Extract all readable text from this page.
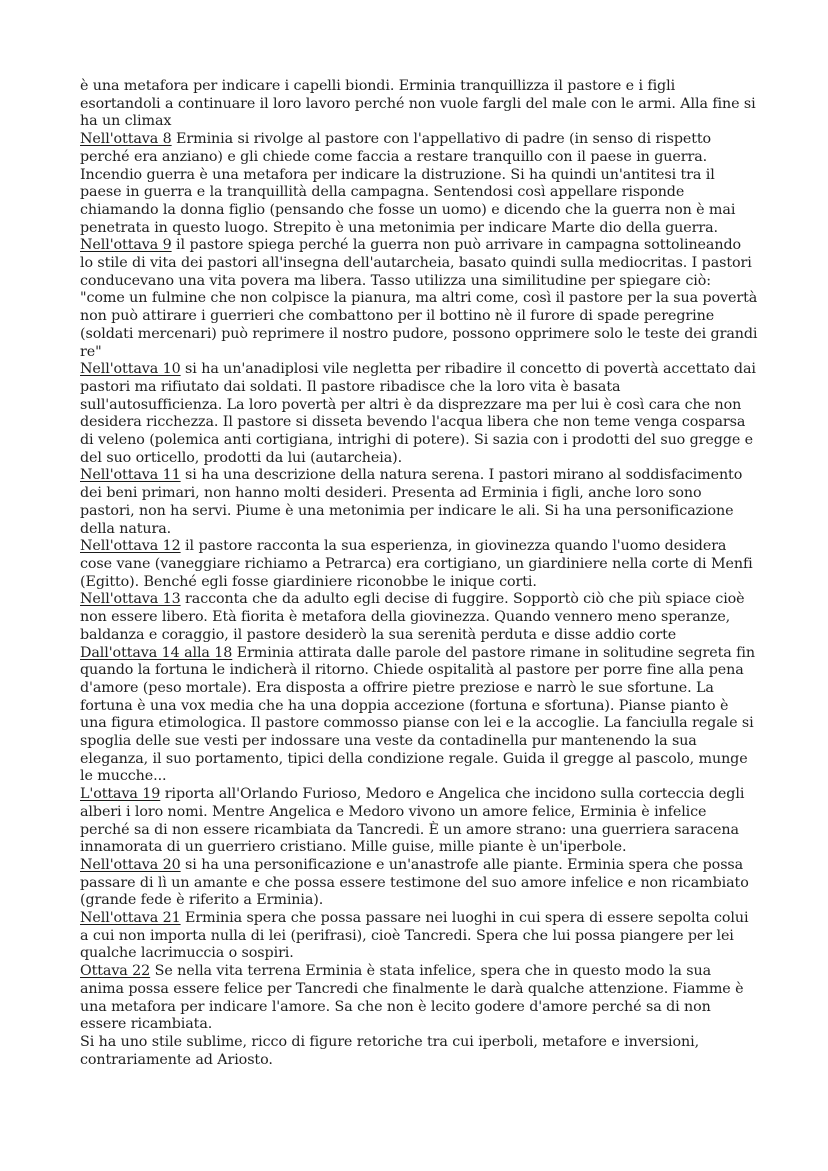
è una metafora per indicare i capelli biondi. Erminia tranquillizza il pastore e i figli esortandoli a continuare il loro lavoro perché non vuole fargli del male con le armi. Alla fine si ha un climax

Nell'ottava 8 Erminia si rivolge al pastore con l'appellativo di padre (in senso di rispetto perché era anziano) e gli chiede come faccia a restare tranquillo con il paese in guerra. Incendio guerra è una metafora per indicare la distruzione. Si ha quindi un'antitesi tra il paese in guerra e la tranquillità della campagna. Sentendosi così appellare risponde chiamando la donna figlio (pensando che fosse un uomo) e dicendo che la guerra non è mai penetrata in questo luogo. Strepito è una metonimia per indicare Marte dio della guerra.

Nell'ottava 9 il pastore spiega perché la guerra non può arrivare in campagna sottolineando lo stile di vita dei pastori all'insegna dell'autarcheia, basato quindi sulla mediocritas. I pastori conducevano una vita povera ma libera. Tasso utilizza una similitudine per spiegare ciò: "come un fulmine che non colpisce la pianura, ma altri come, così il pastore per la sua povertà non può attirare i guerrieri che combattono per il bottino nè il furore di spade peregrine (soldati mercenari) può reprimere il nostro pudore, possono opprimere solo le teste dei grandi re"

Nell'ottava 10 si ha un'anadiplosi vile negletta per ribadire il concetto di povertà accettato dai pastori ma rifiutato dai soldati. Il pastore ribadisce che la loro vita è basata sull'autosufficienza. La loro povertà per altri è da disprezzare ma per lui è così cara che non desidera ricchezza. Il pastore si disseta bevendo l'acqua libera che non teme venga cosparsa di veleno (polemica anti cortigiana, intrighi di potere). Si sazia con i prodotti del suo gregge e del suo orticello, prodotti da lui (autarcheia).

Nell'ottava 11 si ha una descrizione della natura serena. I pastori mirano al soddisfacimento dei beni primari, non hanno molti desideri. Presenta ad Erminia i figli, anche loro sono pastori, non ha servi. Piume è una metonimia per indicare le ali. Si ha una personificazione della natura.

Nell'ottava 12 il pastore racconta la sua esperienza, in giovinezza quando l'uomo desidera cose vane (vaneggiare richiamo a Petrarca) era cortigiano, un giardiniere nella corte di Menfi (Egitto). Benché egli fosse giardiniere riconobbe le inique corti.

Nell'ottava 13 racconta che da adulto egli decise di fuggire. Sopportò ciò che più spiace cioè non essere libero. Età fiorita è metafora della giovinezza. Quando vennero meno speranze, baldanza e coraggio, il pastore desiderò la sua serenità perduta e disse addio corte

Dall'ottava 14 alla 18 Erminia attirata dalle parole del pastore rimane in solitudine segreta fin quando la fortuna le indicherà il ritorno. Chiede ospitalità al pastore per porre fine alla pena d'amore (peso mortale). Era disposta a offrire pietre preziose e narrò le sue sfortune. La fortuna è una vox media che ha una doppia accezione (fortuna e sfortuna). Pianse pianto è una figura etimologica. Il pastore commosso pianse con lei e la accoglie. La fanciulla regale si spoglia delle sue vesti per indossare una veste da contadinella pur mantenendo la sua eleganza, il suo portamento, tipici della condizione regale. Guida il gregge al pascolo, munge le mucche...

L'ottava 19 riporta all'Orlando Furioso, Medoro e Angelica che incidono sulla corteccia degli alberi i loro nomi. Mentre Angelica e Medoro vivono un amore felice, Erminia è infelice perché sa di non essere ricambiata da Tancredi. È un amore strano: una guerriera saracena innamorata di un guerriero cristiano. Mille guise, mille piante è un'iperbole.

Nell'ottava 20 si ha una personificazione e un'anastrofe alle piante. Erminia spera che possa passare di lì un amante e che possa essere testimone del suo amore infelice e non ricambiato (grande fede è riferito a Erminia).

Nell'ottava 21 Erminia spera che possa passare nei luoghi in cui spera di essere sepolta colui a cui non importa nulla di lei (perifrasi), cioè Tancredi. Spera che lui possa piangere per lei qualche lacrimuccia o sospiri.

Ottava 22 Se nella vita terrena Erminia è stata infelice, spera che in questo modo la sua anima possa essere felice per Tancredi che finalmente le darà qualche attenzione. Fiamme è una metafora per indicare l'amore. Sa che non è lecito godere d'amore perché sa di non essere ricambiata.

Si ha uno stile sublime, ricco di figure retoriche tra cui iperboli, metafore e inversioni, contrariamente ad Ariosto.
